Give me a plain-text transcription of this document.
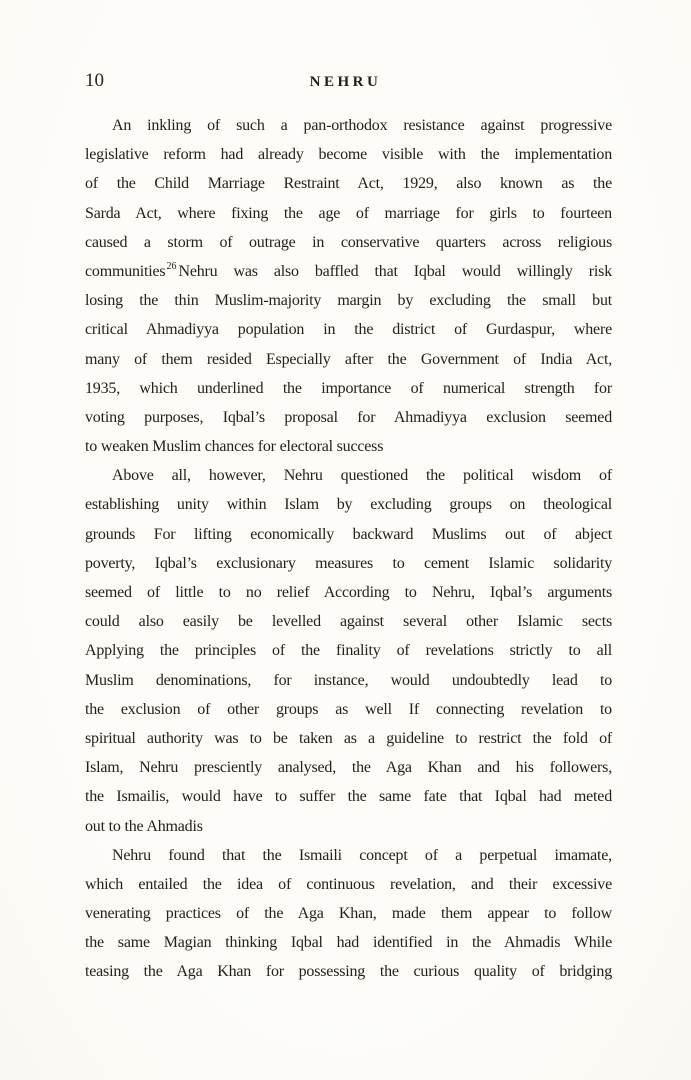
10	NEHRU
An inkling of such a pan-orthodox resistance against progressive
legislative reform had already become visible with the implementation
of the Child Marriage Restraint Act, 1929, also known as the
Sarda Act, where fixing the age of marriage for girls to fourteen
caused a storm of outrage in conservative quarters across religious
communities$^{26}$ Nehru was also baffled that Iqbal would willingly risk
losing the thin Muslim-majority margin by excluding the small but
critical Ahmadiyya population in the district of Gurdaspur, where
many of them resided Especially after the Government of India Act,
1935, which underlined the importance of numerical strength for
voting purposes, Iqbal’s proposal for Ahmadiyya exclusion seemed
to weaken Muslim chances for electoral success
Above all, however, Nehru questioned the political wisdom of
establishing unity within Islam by excluding groups on theological
grounds For lifting economically backward Muslims out of abject
poverty, Iqbal’s exclusionary measures to cement Islamic solidarity
seemed of little to no relief According to Nehru, Iqbal’s arguments
could also easily be levelled against several other Islamic sects
Applying the principles of the finality of revelations strictly to all
Muslim denominations, for instance, would undoubtedly lead to
the exclusion of other groups as well If connecting revelation to
spiritual authority was to be taken as a guideline to restrict the fold of
Islam, Nehru presciently analysed, the Aga Khan and his followers,
the Ismailis, would have to suffer the same fate that Iqbal had meted
out to the Ahmadis
Nehru found that the Ismaili concept of a perpetual imamate,
which entailed the idea of continuous revelation, and their excessive
venerating practices of the Aga Khan, made them appear to follow
the same Magian thinking Iqbal had identified in the Ahmadis While
teasing the Aga Khan for possessing the curious quality of bridging
